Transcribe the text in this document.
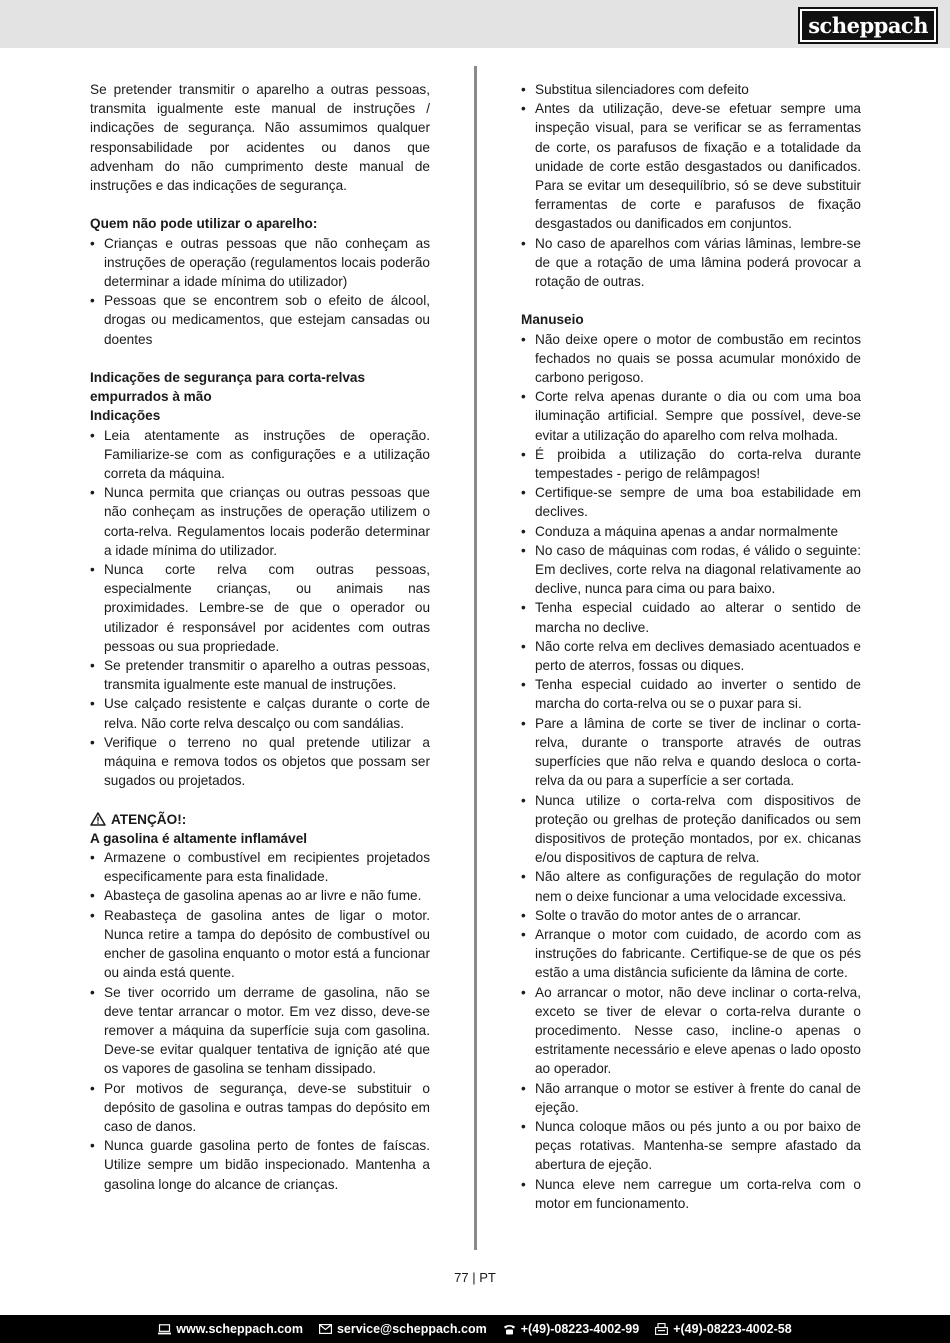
scheppach

Se pretender transmitir o aparelho a outras pessoas, transmita igualmente este manual de instruções / indicações de segurança. Não assumimos qualquer responsabilidade por acidentes ou danos que advenham do não cumprimento deste manual de instruções e das indicações de segurança.

Quem não pode utilizar o aparelho:
• Crianças e outras pessoas que não conheçam as instruções de operação (regulamentos locais poderão determinar a idade mínima do utilizador)
• Pessoas que se encontrem sob o efeito de álcool, drogas ou medicamentos, que estejam cansadas ou doentes
Indicações de segurança para corta-relvas empurrados à mão
Indicações
• Leia atentamente as instruções de operação. Familiarize-se com as configurações e a utilização correta da máquina.
• Nunca permita que crianças ou outras pessoas que não conheçam as instruções de operação utilizem o corta-relva. Regulamentos locais poderão determinar a idade mínima do utilizador.
• Nunca corte relva com outras pessoas, especialmente crianças, ou animais nas proximidades. Lembre-se de que o operador ou utilizador é responsável por acidentes com outras pessoas ou sua propriedade.
• Se pretender transmitir o aparelho a outras pessoas, transmita igualmente este manual de instruções.
• Use calçado resistente e calças durante o corte de relva. Não corte relva descalço ou com sandálias.
• Verifique o terreno no qual pretende utilizar a máquina e remova todos os objetos que possam ser sugados ou projetados.
ATENÇÃO!:
A gasolina é altamente inflamável
• Armazene o combustível em recipientes projetados especificamente para esta finalidade.
• Abasteça de gasolina apenas ao ar livre e não fume.
• Reabasteça de gasolina antes de ligar o motor. Nunca retire a tampa do depósito de combustível ou encher de gasolina enquanto o motor está a funcionar ou ainda está quente.
• Se tiver ocorrido um derrame de gasolina, não se deve tentar arrancar o motor. Em vez disso, deve-se remover a máquina da superfície suja com gasolina. Deve-se evitar qualquer tentativa de ignição até que os vapores de gasolina se tenham dissipado.
• Por motivos de segurança, deve-se substituir o depósito de gasolina e outras tampas do depósito em caso de danos.
• Nunca guarde gasolina perto de fontes de faíscas. Utilize sempre um bidão inspecionado. Mantenha a gasolina longe do alcance de crianças.
• Substitua silenciadores com defeito
• Antes da utilização, deve-se efetuar sempre uma inspeção visual, para se verificar se as ferramentas de corte, os parafusos de fixação e a totalidade da unidade de corte estão desgastados ou danificados. Para se evitar um desequilíbrio, só se deve substituir ferramentas de corte e parafusos de fixação desgastados ou danificados em conjuntos.
• No caso de aparelhos com várias lâminas, lembre-se de que a rotação de uma lâmina poderá provocar a rotação de outras.
Manuseio
• Não deixe opere o motor de combustão em recintos fechados no quais se possa acumular monóxido de carbono perigoso.
• Corte relva apenas durante o dia ou com uma boa iluminação artificial. Sempre que possível, deve-se evitar a utilização do aparelho com relva molhada.
• É proibida a utilização do corta-relva durante tempestades - perigo de relâmpagos!
• Certifique-se sempre de uma boa estabilidade em declives.
• Conduza a máquina apenas a andar normalmente
• No caso de máquinas com rodas, é válido o seguinte: Em declives, corte relva na diagonal relativamente ao declive, nunca para cima ou para baixo.
• Tenha especial cuidado ao alterar o sentido de marcha no declive.
• Não corte relva em declives demasiado acentuados e perto de aterros, fossas ou diques.
• Tenha especial cuidado ao inverter o sentido de marcha do corta-relva ou se o puxar para si.
• Pare a lâmina de corte se tiver de inclinar o corta-relva, durante o transporte através de outras superfícies que não relva e quando desloca o corta-relva da ou para a superfície a ser cortada.
• Nunca utilize o corta-relva com dispositivos de proteção ou grelhas de proteção danificados ou sem dispositivos de proteção montados, por ex. chicanas e/ou dispositivos de captura de relva.
• Não altere as configurações de regulação do motor nem o deixe funcionar a uma velocidade excessiva.
• Solte o travão do motor antes de o arrancar.
• Arranque o motor com cuidado, de acordo com as instruções do fabricante. Certifique-se de que os pés estão a uma distância suficiente da lâmina de corte.
• Ao arrancar o motor, não deve inclinar o corta-relva, exceto se tiver de elevar o corta-relva durante o procedimento. Nesse caso, incline-o apenas o estritamente necessário e eleve apenas o lado oposto ao operador.
• Não arranque o motor se estiver à frente do canal de ejeção.
• Nunca coloque mãos ou pés junto a ou por baixo de peças rotativas. Mantenha-se sempre afastado da abertura de ejeção.
• Nunca eleve nem carregue um corta-relva com o motor em funcionamento.
77 | PT
www.scheppach.com	service@scheppach.com	+(49)-08223-4002-99	+(49)-08223-4002-58
